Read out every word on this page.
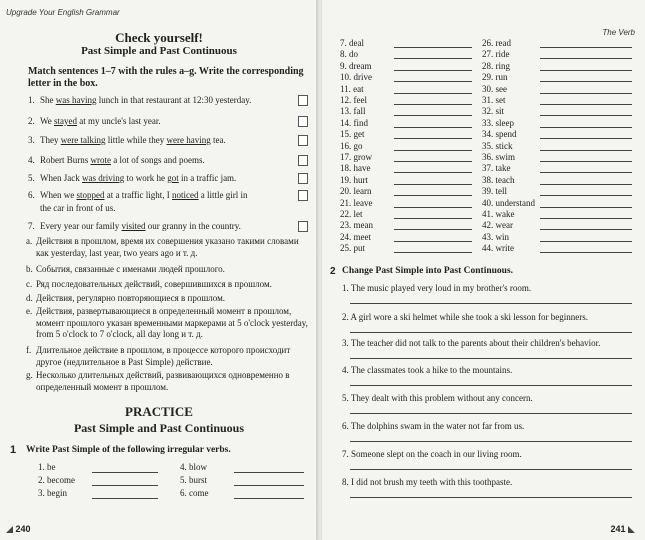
Upgrade Your English Grammar
Check yourself!
Past Simple and Past Continuous
Match sentences 1–7 with the rules a–g. Write the corresponding letter in the box.
1. She was having lunch in that restaurant at 12:30 yesterday.
2. We stayed at my uncle's last year.
3. They were talking little while they were having tea.
4. Robert Burns wrote a lot of songs and poems.
5. When Jack was driving to work he got in a traffic jam.
6. When we stopped at a traffic light, I noticed a little girl in
the car in front of us.
7. Every year our family visited our granny in the country.
a. Действия в прошлом, время их совершения указано такими словами как yesterday, last year, two years ago и т. д.
b. События, связанные с именами людей прошлого.
c. Ряд последовательных действий, совершившихся в прошлом.
d. Действия, регулярно повторяющиеся в прошлом.
e. Действия, развертывающиеся в определенный момент в прошлом, момент прошлого указан временными маркерами at 5 o'clock yesterday, from 5 o'clock to 7 o'clock, all day long и т. д.
f. Длительное действие в прошлом, в процессе которого происходит другое (недлительное в Past Simple) действие.
g. Несколько длительных действий, развивающихся одновременно в определенный момент в прошлом.
PRACTICE
Past Simple and Past Continuous
1 Write Past Simple of the following irregular verbs.
1. be
2. become
3. begin
4. blow
5. burst
6. come
240
The Verb
7. deal
8. do
9. dream
10. drive
11. eat
12. feel
13. fall
14. find
15. get
16. go
17. grow
18. have
19. hurt
20. learn
21. leave
22. let
23. mean
24. meet
25. put
26. read
27. ride
28. ring
29. run
30. see
31. set
32. sit
33. sleep
34. spend
35. stick
36. swim
37. take
38. teach
39. tell
40. understand
41. wake
42. wear
43. win
44. write
2 Change Past Simple into Past Continuous.
1. The music played very loud in my brother's room.
2. A girl wore a ski helmet while she took a ski lesson for beginners.
3. The teacher did not talk to the parents about their children's behavior.
4. The classmates took a hike to the mountains.
5. They dealt with this problem without any concern.
6. The dolphins swam in the water not far from us.
7. Someone slept on the coach in our living room.
8. I did not brush my teeth with this toothpaste.
241
